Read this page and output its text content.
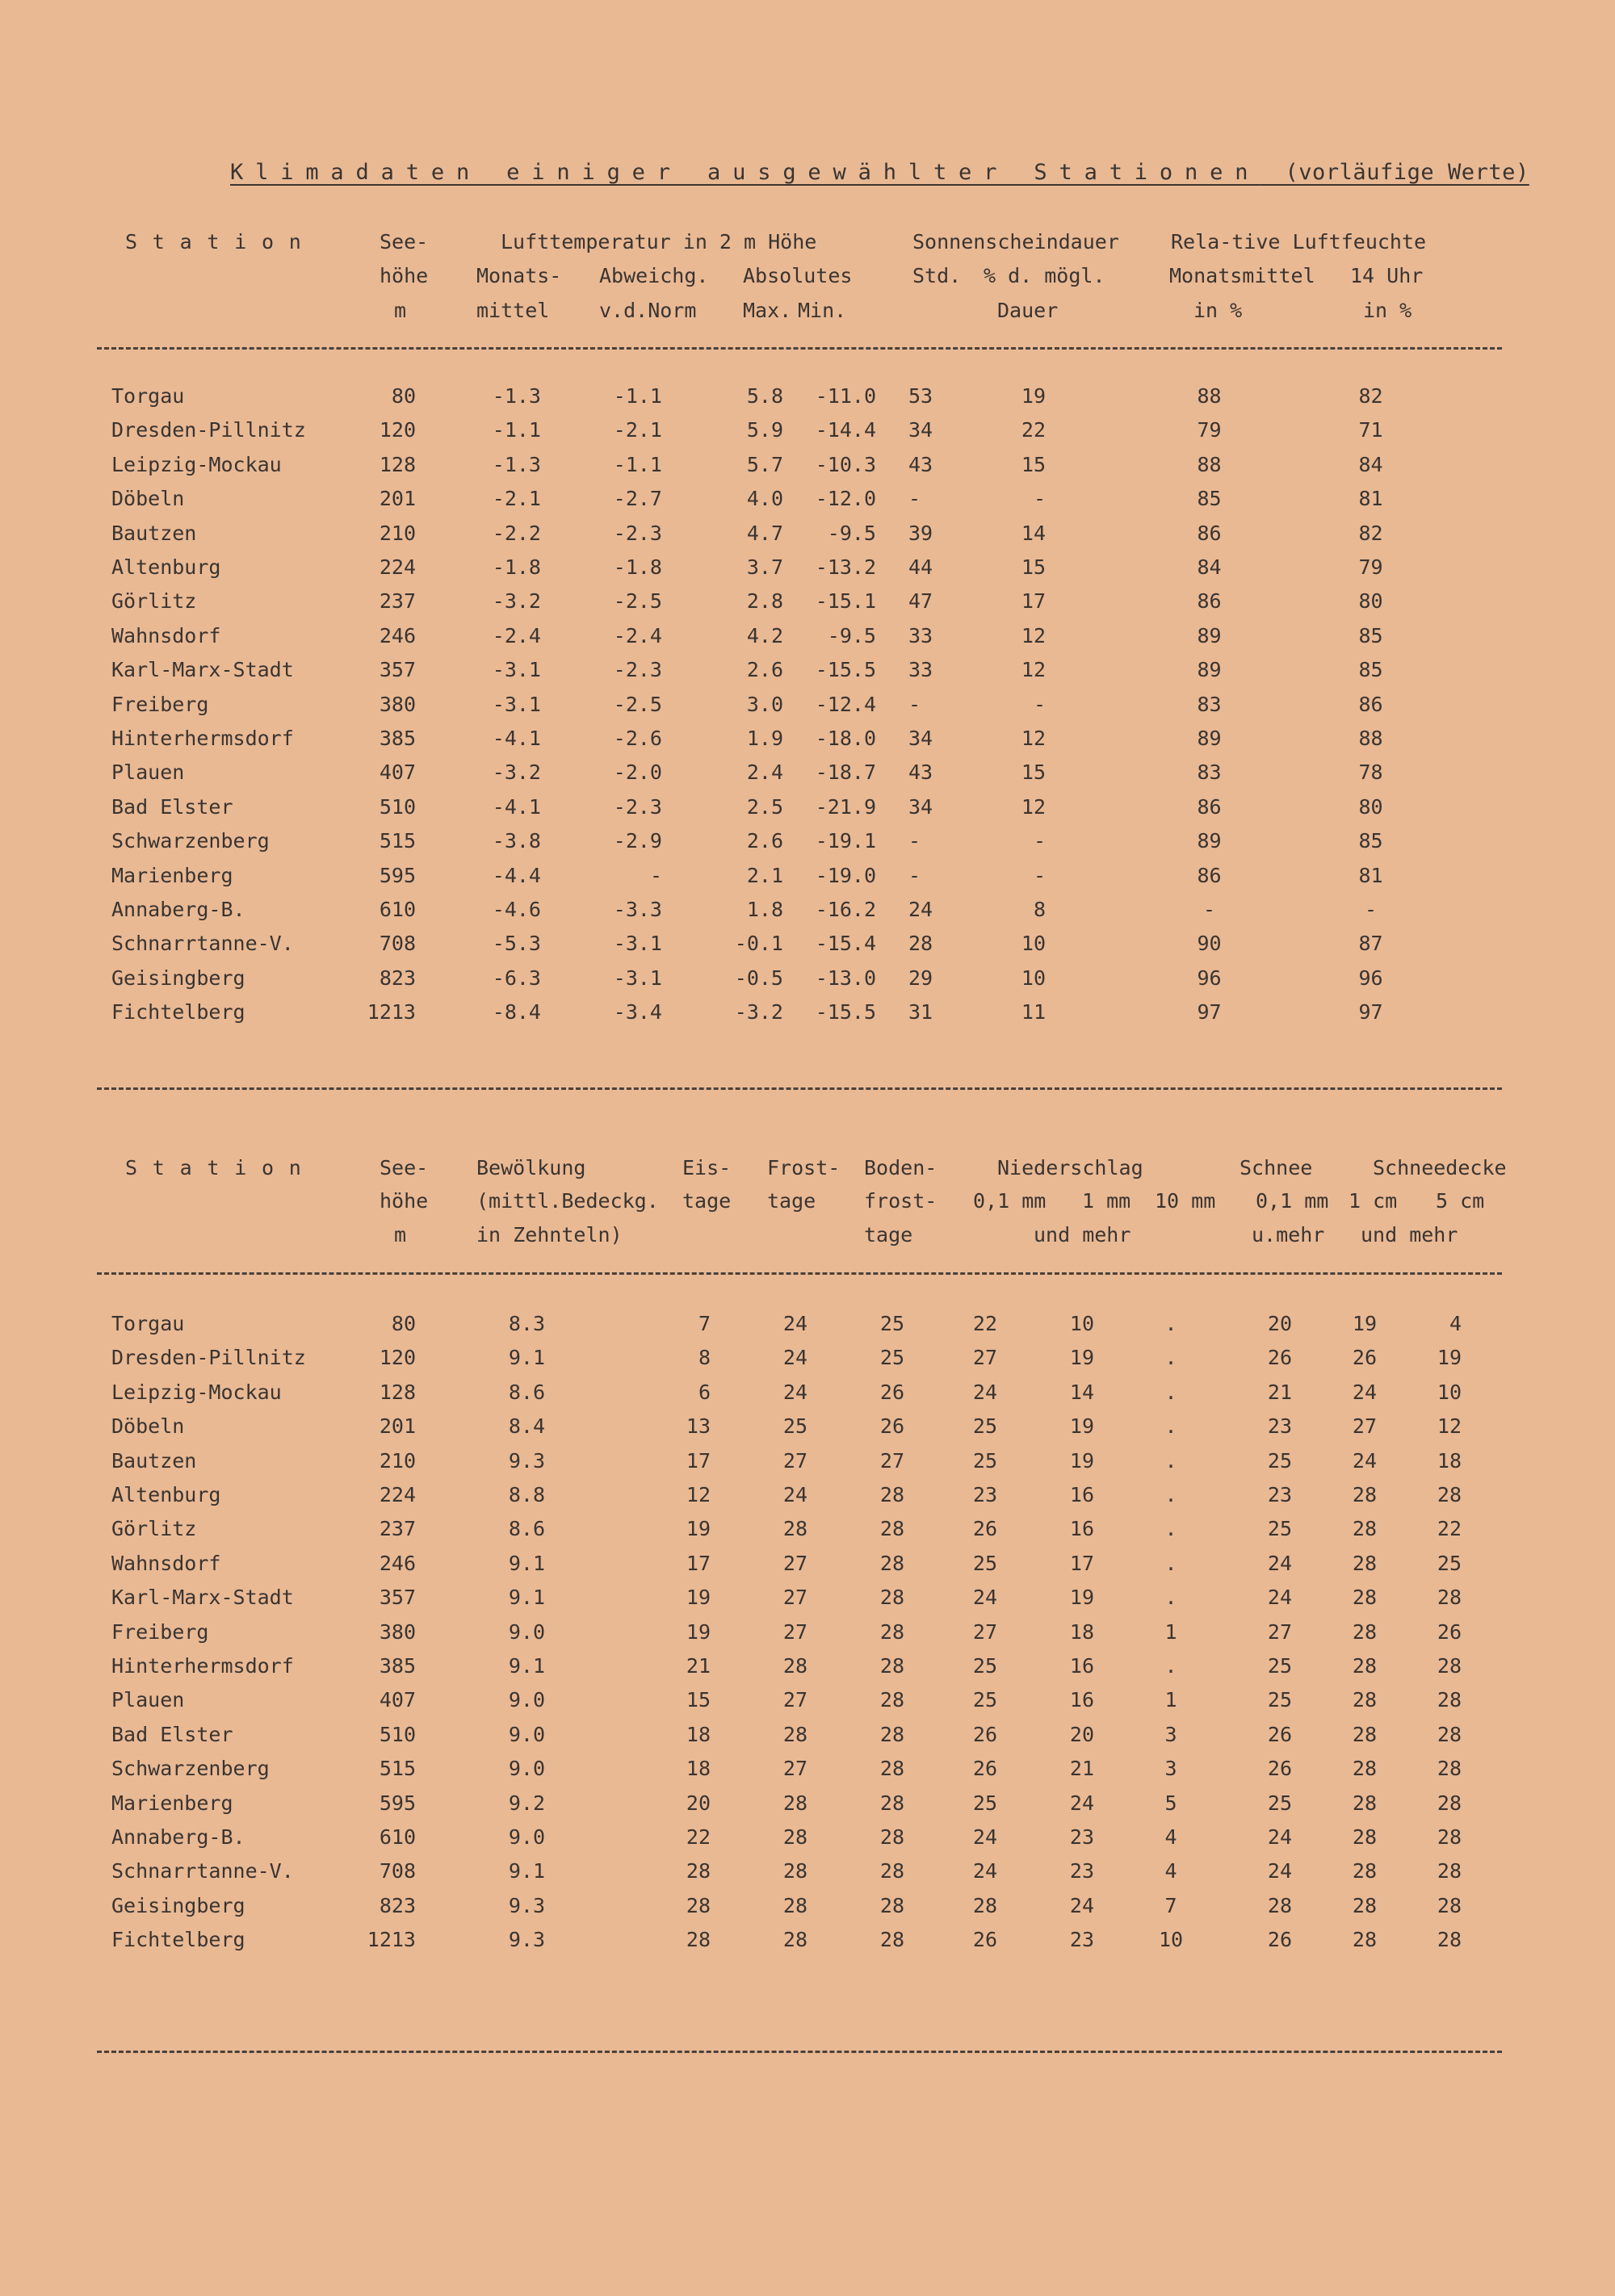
Klimadaten einiger ausgewählter Stationen (vorläufige Werte)
Station	See-
höhe
m
Lufttemperatur in 2 m Höhe
Monats-
mittel
Abweichg.
v.d.Norm
Absolutes
Max. Min.
Sonnenscheindauer
Std. % d. mögl.
Dauer
Rela-tive Luftfeuchte
Monatsmittel
in %
14 Uhr
in %
Torgau	80	-1.3	-1.1	5.8	-11.0 53	19	88	82
Dresden-Pillnitz	120	-1.1	-2.1	5.9	-14.4 34	22	79	71
Leipzig-Mockau	128	-1.3	-1.1	5.7	-10.3 43	15	88	84
Döbeln	201	-2.1	-2.7	4.0	-12.0 -	-	85	81
Bautzen	210	-2.2	-2.3	4.7	-9.5 39	14	86	82
Altenburg	224	-1.8	-1.8	3.7	-13.2 44	15	84	79
Görlitz	237	-3.2	-2.5	2.8	-15.1 47	17	86	80
Wahnsdorf	246	-2.4	-2.4	4.2	-9.5 33	12	89	85
Karl-Marx-Stadt	357	-3.1	-2.3	2.6	-15.5 33	12	89	85
Freiberg	380	-3.1	-2.5	3.0	-12.4 -	-	83	86
Hinterhermsdorf	385	-4.1	-2.6	1.9	-18.0 34	12	89	88
Plauen	407	-3.2	-2.0	2.4	-18.7 43	15	83	78
Bad Elster	510	-4.1	-2.3	2.5	-21.9 34	12	86	80
Schwarzenberg	515	-3.8	-2.9	2.6	-19.1 -	-	89	85
Marienberg	595	-4.4	-	2.1	-19.0 -	-	86	81
Annaberg-B.	610	-4.6	-3.3	1.8	-16.2 24	8	-	-
Schnarrtanne-V.	708	-5.3	-3.1	-0.1	-15.4 28	10	90	87
Geisingberg	823	-6.3	-3.1	-0.5	-13.0 29	10	96	96
Fichtelberg	1213	-8.4	-3.4	-3.2	-15.5 31	11	97	97
Station	See-
höhe
m
Bewölkung
(mittl.Bedeckg.
in Zehnteln)
Eis-
tage
Frost-
tage
Boden-
frost-
tage
Niederschlag
0,1 mm 1 mm 10 mm
und mehr
Schnee
0,1 mm
u.mehr
Schneedecke
1 cm 5 cm
und mehr
Torgau	80	8.3	7	24	25	22	10	.	20	19	4
Dresden-Pillnitz	120	9.1	8	24	25	27	19	.	26	26	19
Leipzig-Mockau	128	8.6	6	24	26	24	14	.	21	24	10
Döbeln	201	8.4	13	25	26	25	19	.	23	27	12
Bautzen	210	9.3	17	27	27	25	19	.	25	24	18
Altenburg	224	8.8	12	24	28	23	16	.	23	28	28
Görlitz	237	8.6	19	28	28	26	16	.	25	28	22
Wahnsdorf	246	9.1	17	27	28	25	17	.	24	28	25
Karl-Marx-Stadt	357	9.1	19	27	28	24	19	.	24	28	28
Freiberg	380	9.0	19	27	28	27	18	1	27	28	26
Hinterhermsdorf	385	9.1	21	28	28	25	16	.	25	28	28
Plauen	407	9.0	15	27	28	25	16	1	25	28	28
Bad Elster	510	9.0	18	28	28	26	20	3	26	28	28
Schwarzenberg	515	9.0	18	27	28	26	21	3	26	28	28
Marienberg	595	9.2	20	28	28	25	24	5	25	28	28
Annaberg-B.	610	9.0	22	28	28	24	23	4	24	28	28
Schnarrtanne-V.	708	9.1	28	28	28	24	23	4	24	28	28
Geisingberg	823	9.3	28	28	28	28	24	7	28	28	28
Fichtelberg	1213	9.3	28	28	28	26	23	10	26	28	28
